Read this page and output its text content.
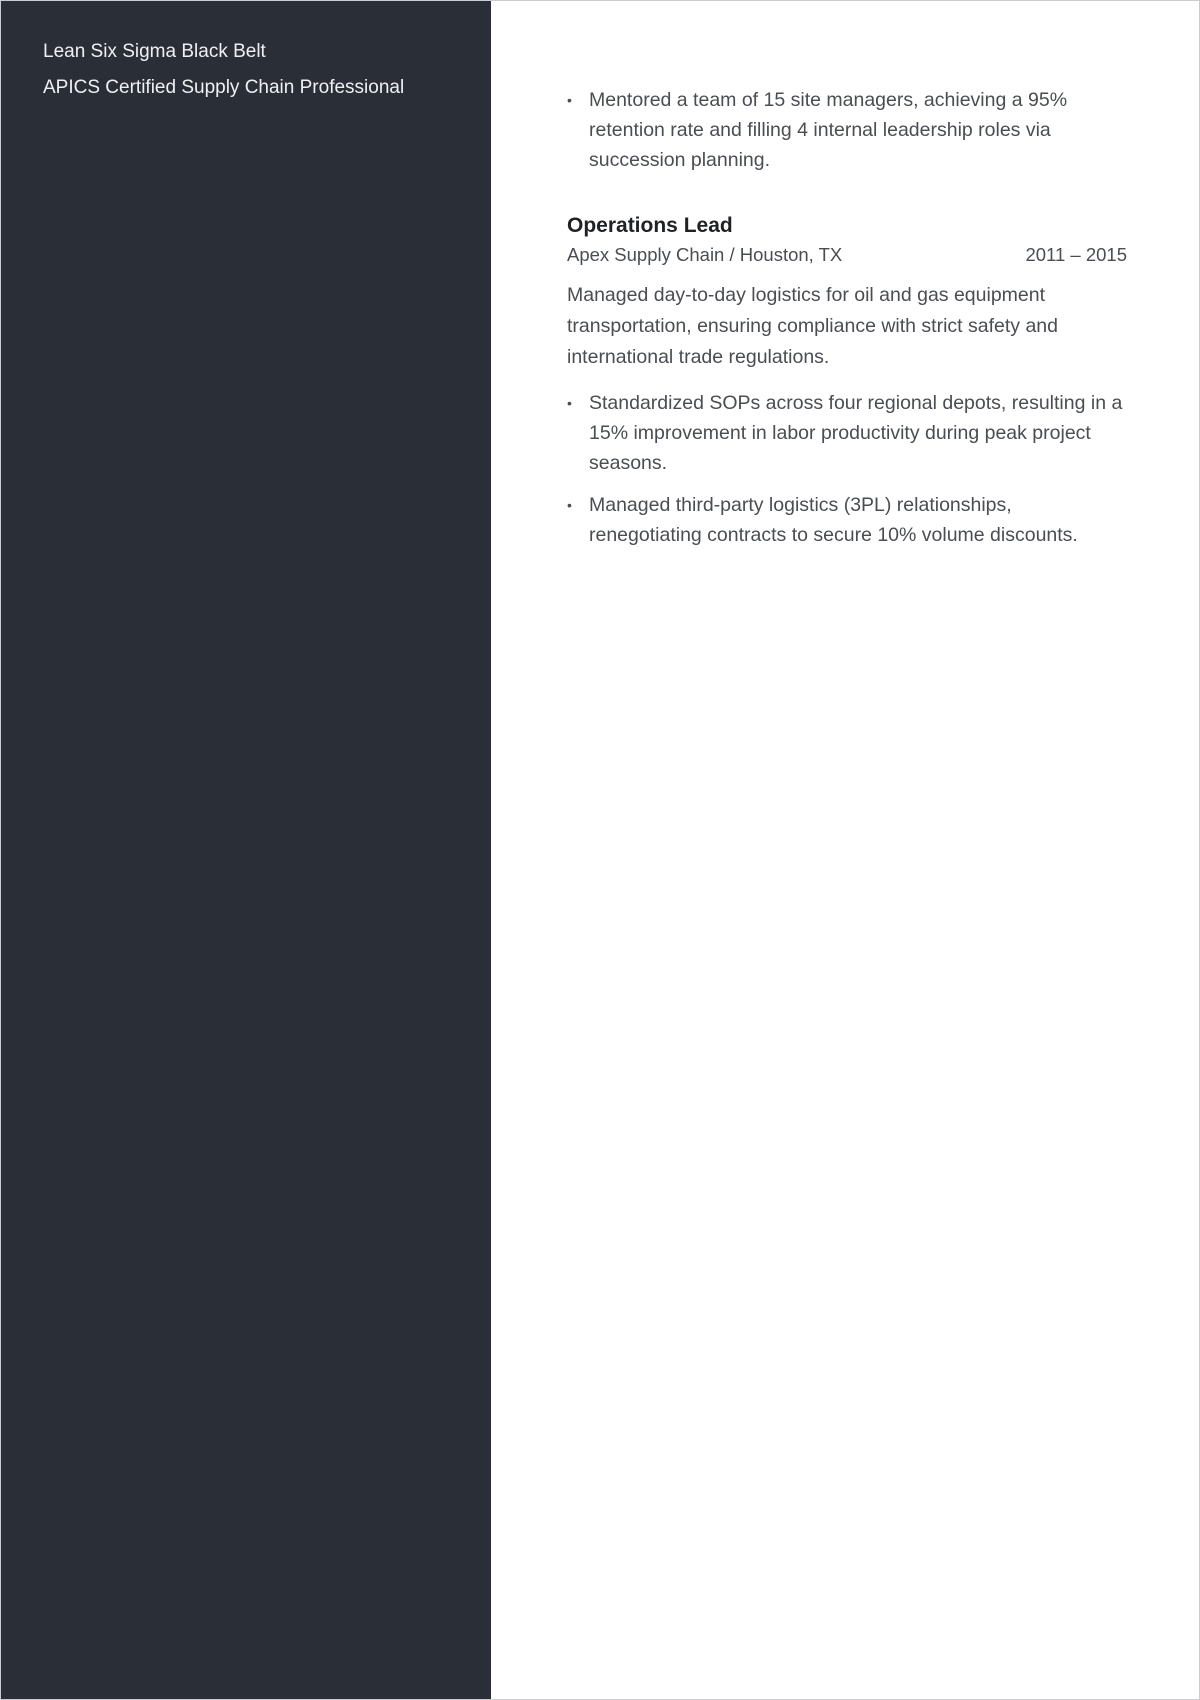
Lean Six Sigma Black Belt
APICS Certified Supply Chain Professional
• Mentored a team of 15 site managers, achieving a 95% retention rate and filling 4 internal leadership roles via succession planning.
Operations Lead
Apex Supply Chain / Houston, TX	2011 – 2015
Managed day-to-day logistics for oil and gas equipment transportation, ensuring compliance with strict safety and international trade regulations.
• Standardized SOPs across four regional depots, resulting in a 15% improvement in labor productivity during peak project seasons.
• Managed third-party logistics (3PL) relationships, renegotiating contracts to secure 10% volume discounts.
